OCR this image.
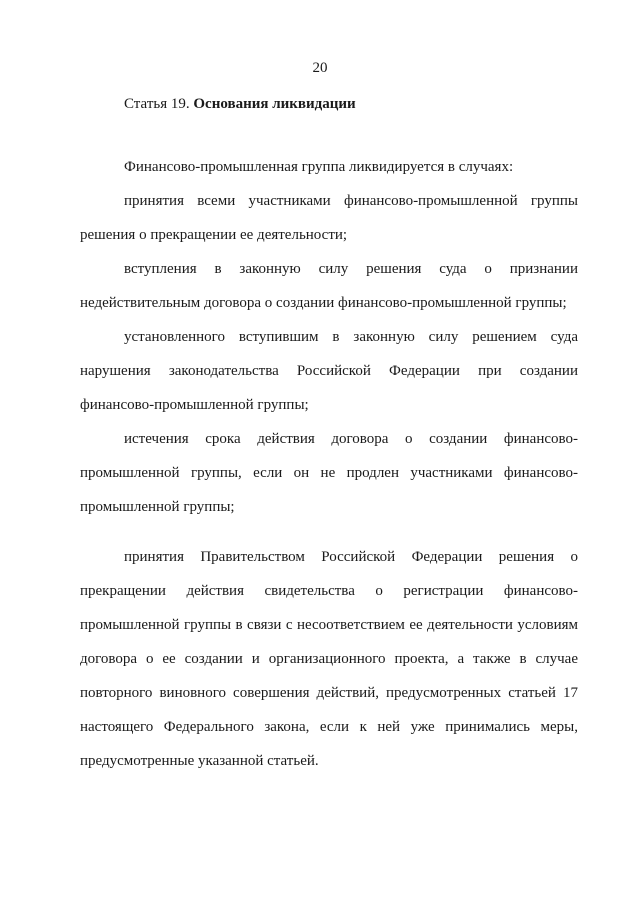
20
Статья 19. Основания ликвидации

Финансово-промышленная группа ликвидируется в случаях:

принятия всеми участниками финансово-промышленной группы решения о прекращении ее деятельности;

вступления в законную силу решения суда о признании недействительным договора о создании финансово-промышленной группы;

установленного вступившим в законную силу решением суда нарушения законодательства Российской Федерации при создании финансово-промышленной группы;

истечения срока действия договора о создании финансово-промышленной группы, если он не продлен участниками финансово-промышленной группы;

принятия Правительством Российской Федерации решения о прекращении действия свидетельства о регистрации финансово-промышленной группы в связи с несоответствием ее деятельности условиям договора о ее создании и организационного проекта, а также в случае повторного виновного совершения действий, предусмотренных статьей 17 настоящего Федерального закона, если к ней уже принимались меры, предусмотренные указанной статьей.
